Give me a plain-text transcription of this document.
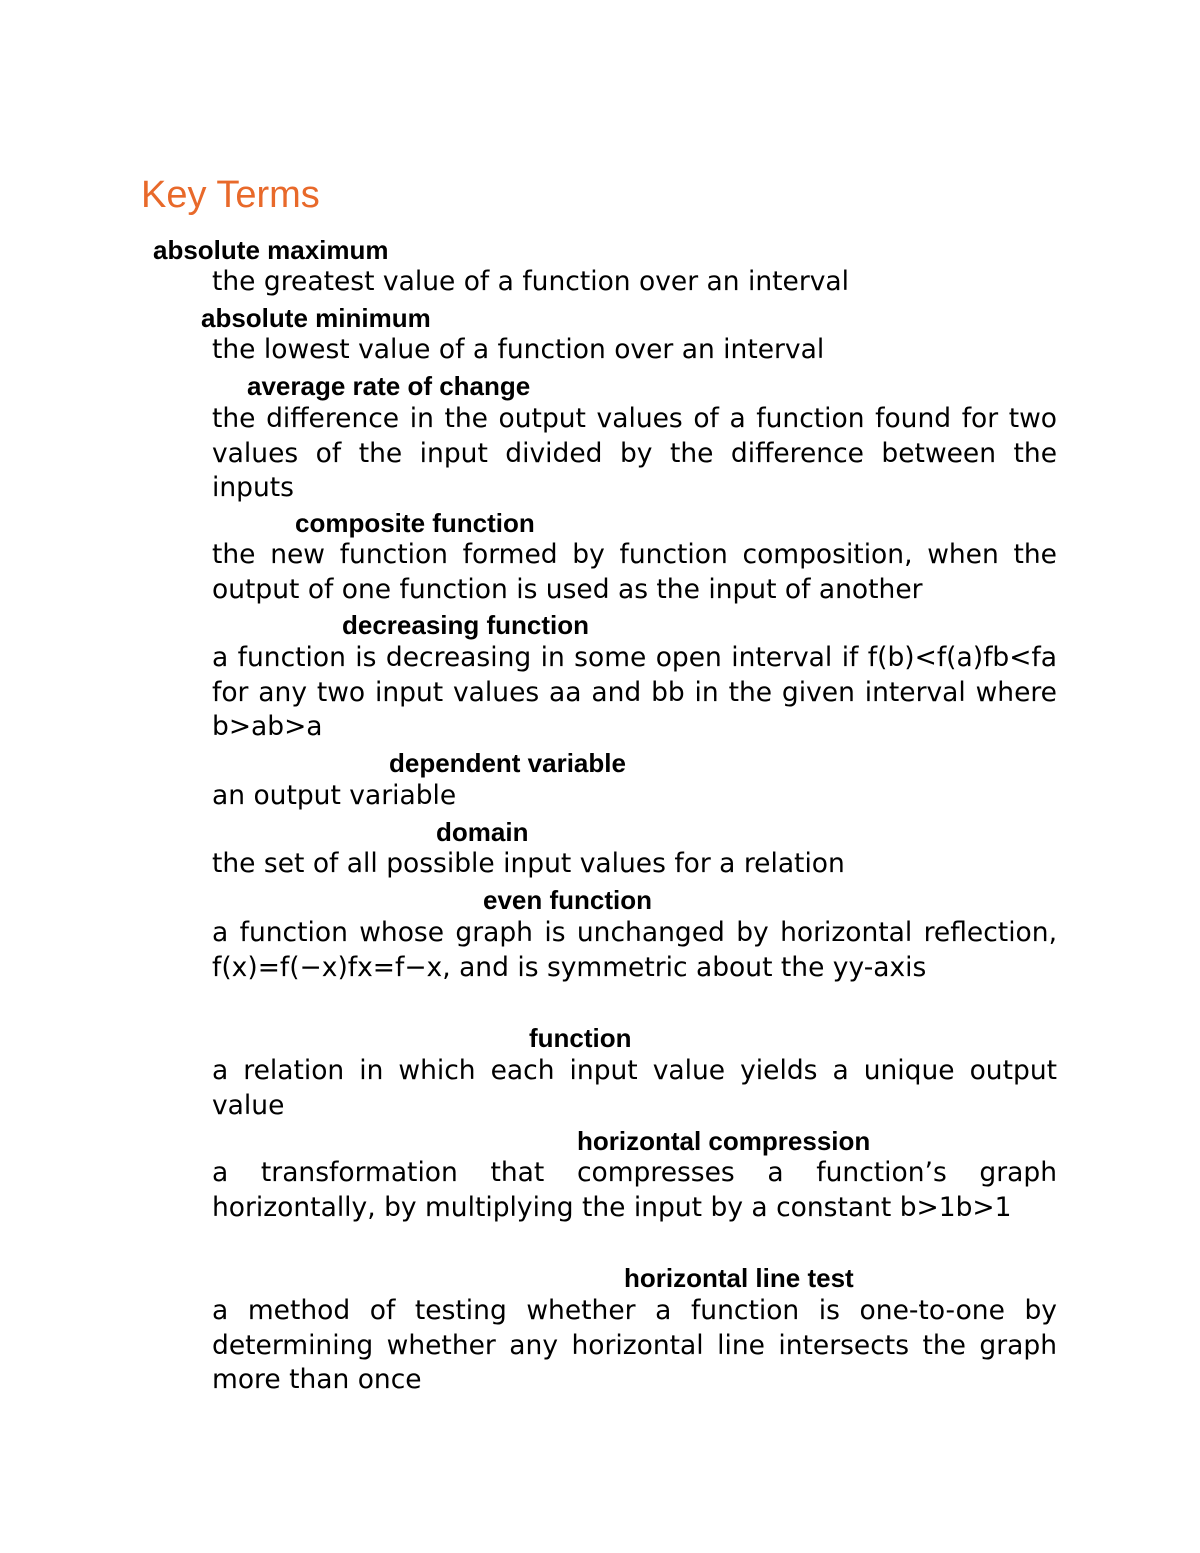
Key Terms
absolute maximum

the greatest value of a function over an interval

absolute minimum

the lowest value of a function over an interval

average rate of change

the difference in the output values of a function found for two values of the input divided by the difference between the inputs

composite function

the new function formed by function composition, when the output of one function is used as the input of another

decreasing function

a function is decreasing in some open interval if f(b)<f(a)fb<fa for any two input values aa and bb in the given interval where b>ab>a

dependent variable

an output variable

domain

the set of all possible input values for a relation

even function

a function whose graph is unchanged by horizontal reflection, f(x)=f(−x)fx=f−x, and is symmetric about the yy-axis

function

a relation in which each input value yields a unique output value

horizontal compression

a transformation that compresses a function’s graph horizontally, by multiplying the input by a constant b>1b>1

horizontal line test

a method of testing whether a function is one-to-one by determining whether any horizontal line intersects the graph more than once
